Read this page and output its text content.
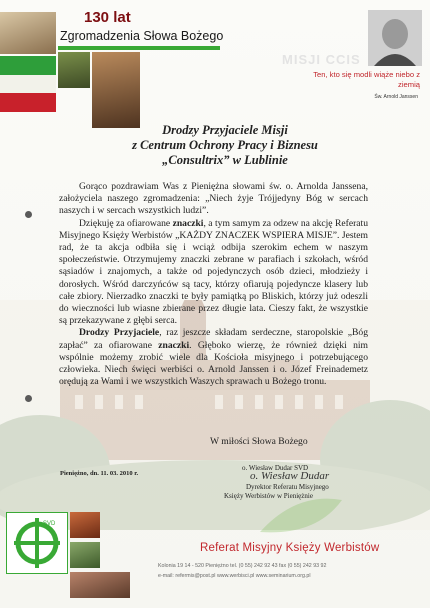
130 lat
Zgromadzenia Słowa Bożego
MISJI CCIS
Ten, kto się modli wiąże niebo z ziemią
Św. Arnold Janssen
Drodzy Przyjaciele Misji
z Centrum Ochrony Pracy i Biznesu
„Consultrix” w Lublinie

Gorąco pozdrawiam Was z Pieniężna słowami św. o. Arnolda Janssena, założyciela naszego zgromadzenia: „Niech żyje Trójjedyny Bóg w sercach naszych i w sercach wszystkich ludzi”.

Dziękuję za ofiarowane znaczki, a tym samym za odzew na akcję Referatu Misyjnego Księży Werbistów „KAŻDY ZNACZEK WSPIERA MISJE”. Jestem rad, że ta akcja odbiła się i wciąż odbija szerokim echem w naszym społeczeństwie. Otrzymujemy znaczki zebrane w parafiach i szkołach, wśród sąsiadów i znajomych, a także od pojedynczych osób dzieci, młodzieży i dorosłych. Wśród darczyńców są tacy, którzy ofiarują pojedyncze klasery lub całe zbiory. Nierzadko znaczki te były pamiątką po Bliskich, którzy już odeszli do wieczności lub wiasne zbierane przez długie lata. Cieszy fakt, że wszystkie są przekazywane z głębi serca.

Drodzy Przyjaciele, raz jeszcze składam serdeczne, staropolskie „Bóg zapłać” za ofiarowane znaczki. Głęboko wierzę, że również dzięki nim wspólnie możemy zrobić wiele dla Kościoła misyjnego i potrzebującego człowieka. Niech święci werbiści o. Arnold Janssen i o. Józef Freinademetz orędują za Wami i we wszystkich Waszych sprawach u Bożego tronu.

W miłości Słowa Bożego
Pieniężno, dn. 11. 03. 2010 r.
o. Wiesław Dudar SVD
o. Wiesław Dudar
Dyrektor Referatu Misyjnego
Księży Werbistów w Pieniężnie
SVD
Referat Misyjny Księży Werbistów
Kolonia 19 14 - 520 Pieniężno tel. (0 55) 242 92 43 fax (0 55) 242 93 92
e-mail: refermis@post.pl www.werbisci.pl www.seminarium.org.pl
